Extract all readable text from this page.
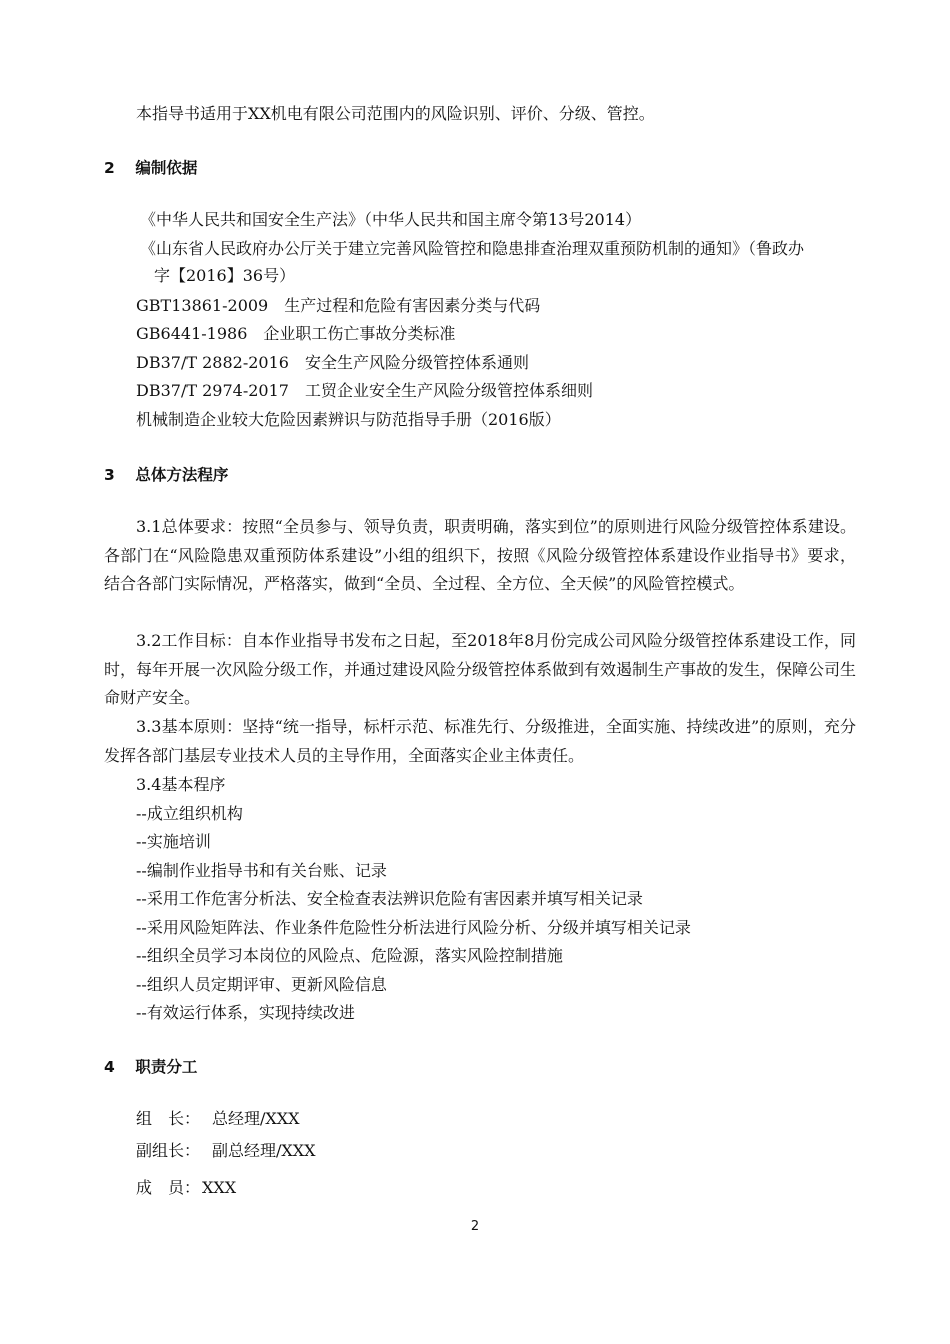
本指导书适用于XX机电有限公司范围内的风险识别、评价、分级、管控。
2 编制依据
《中华人民共和国安全生产法》（中华人民共和国主席令第13号2014）
《山东省人民政府办公厅关于建立完善风险管控和隐患排查治理双重预防机制的通知》（鲁政办
字【2016】36号）
GBT13861-2009　生产过程和危险有害因素分类与代码
GB6441-1986　企业职工伤亡事故分类标准
DB37/T 2882-2016　安全生产风险分级管控体系通则
DB37/T 2974-2017　工贸企业安全生产风险分级管控体系细则
机械制造企业较大危险因素辨识与防范指导手册（2016版）
3 总体方法程序
3.1总体要求：按照“全员参与、领导负责，职责明确，落实到位”的原则进行风险分级管控体系建设。各部门在“风险隐患双重预防体系建设”小组的组织下，按照《风险分级管控体系建设作业指导书》要求，结合各部门实际情况，严格落实，做到“全员、全过程、全方位、全天候”的风险管控模式。
3.2工作目标：自本作业指导书发布之日起，至2018年8月份完成公司风险分级管控体系建设工作，同时，每年开展一次风险分级工作，并通过建设风险分级管控体系做到有效遏制生产事故的发生，保障公司生命财产安全。
3.3基本原则：坚持“统一指导，标杆示范、标准先行、分级推进，全面实施、持续改进”的原则，充分发挥各部门基层专业技术人员的主导作用，全面落实企业主体责任。
3.4基本程序
--成立组织机构
--实施培训
--编制作业指导书和有关台账、记录
--采用工作危害分析法、安全检查表法辨识危险有害因素并填写相关记录
--采用风险矩阵法、作业条件危险性分析法进行风险分析、分级并填写相关记录
--组织全员学习本岗位的风险点、危险源，落实风险控制措施
--组织人员定期评审、更新风险信息
--有效运行体系，实现持续改进
4 职责分工
组　长： 总经理/XXX
副组长： 副总经理/XXX
成　员： XXX
2
